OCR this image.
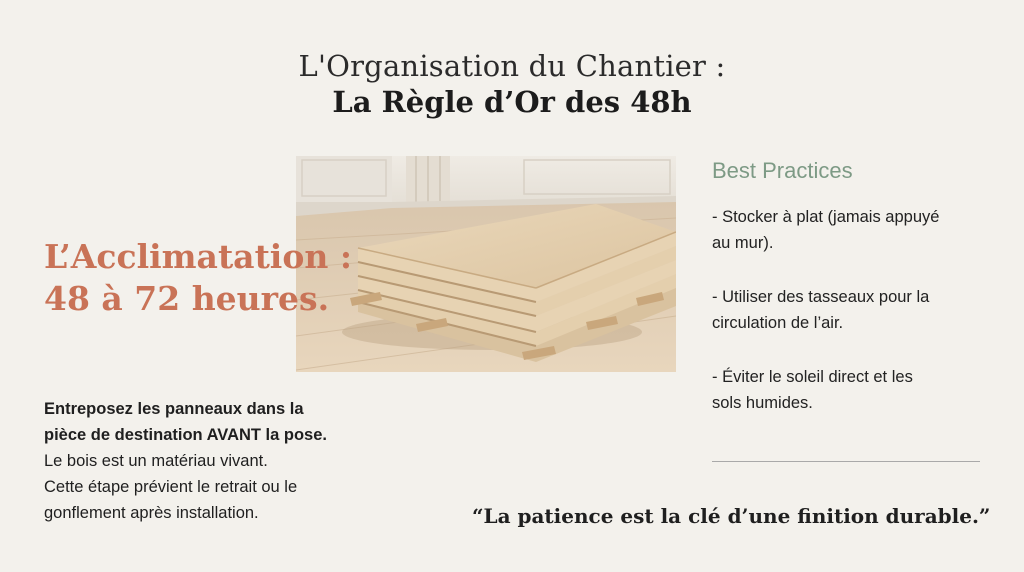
L'Organisation du Chantier :
La Règle d’Or des 48h
L’Acclimatation :
48 à 72 heures.
Entreposez les panneaux dans la
pièce de destination AVANT la pose.
Le bois est un matériau vivant.
Cette étape prévient le retrait ou le
gonflement après installation.
Best Practices
- Stocker à plat (jamais appuyé
au mur).
- Utiliser des tasseaux pour la
circulation de l’air.
- Éviter le soleil direct et les
sols humides.
“La patience est la clé d’une finition durable.”
